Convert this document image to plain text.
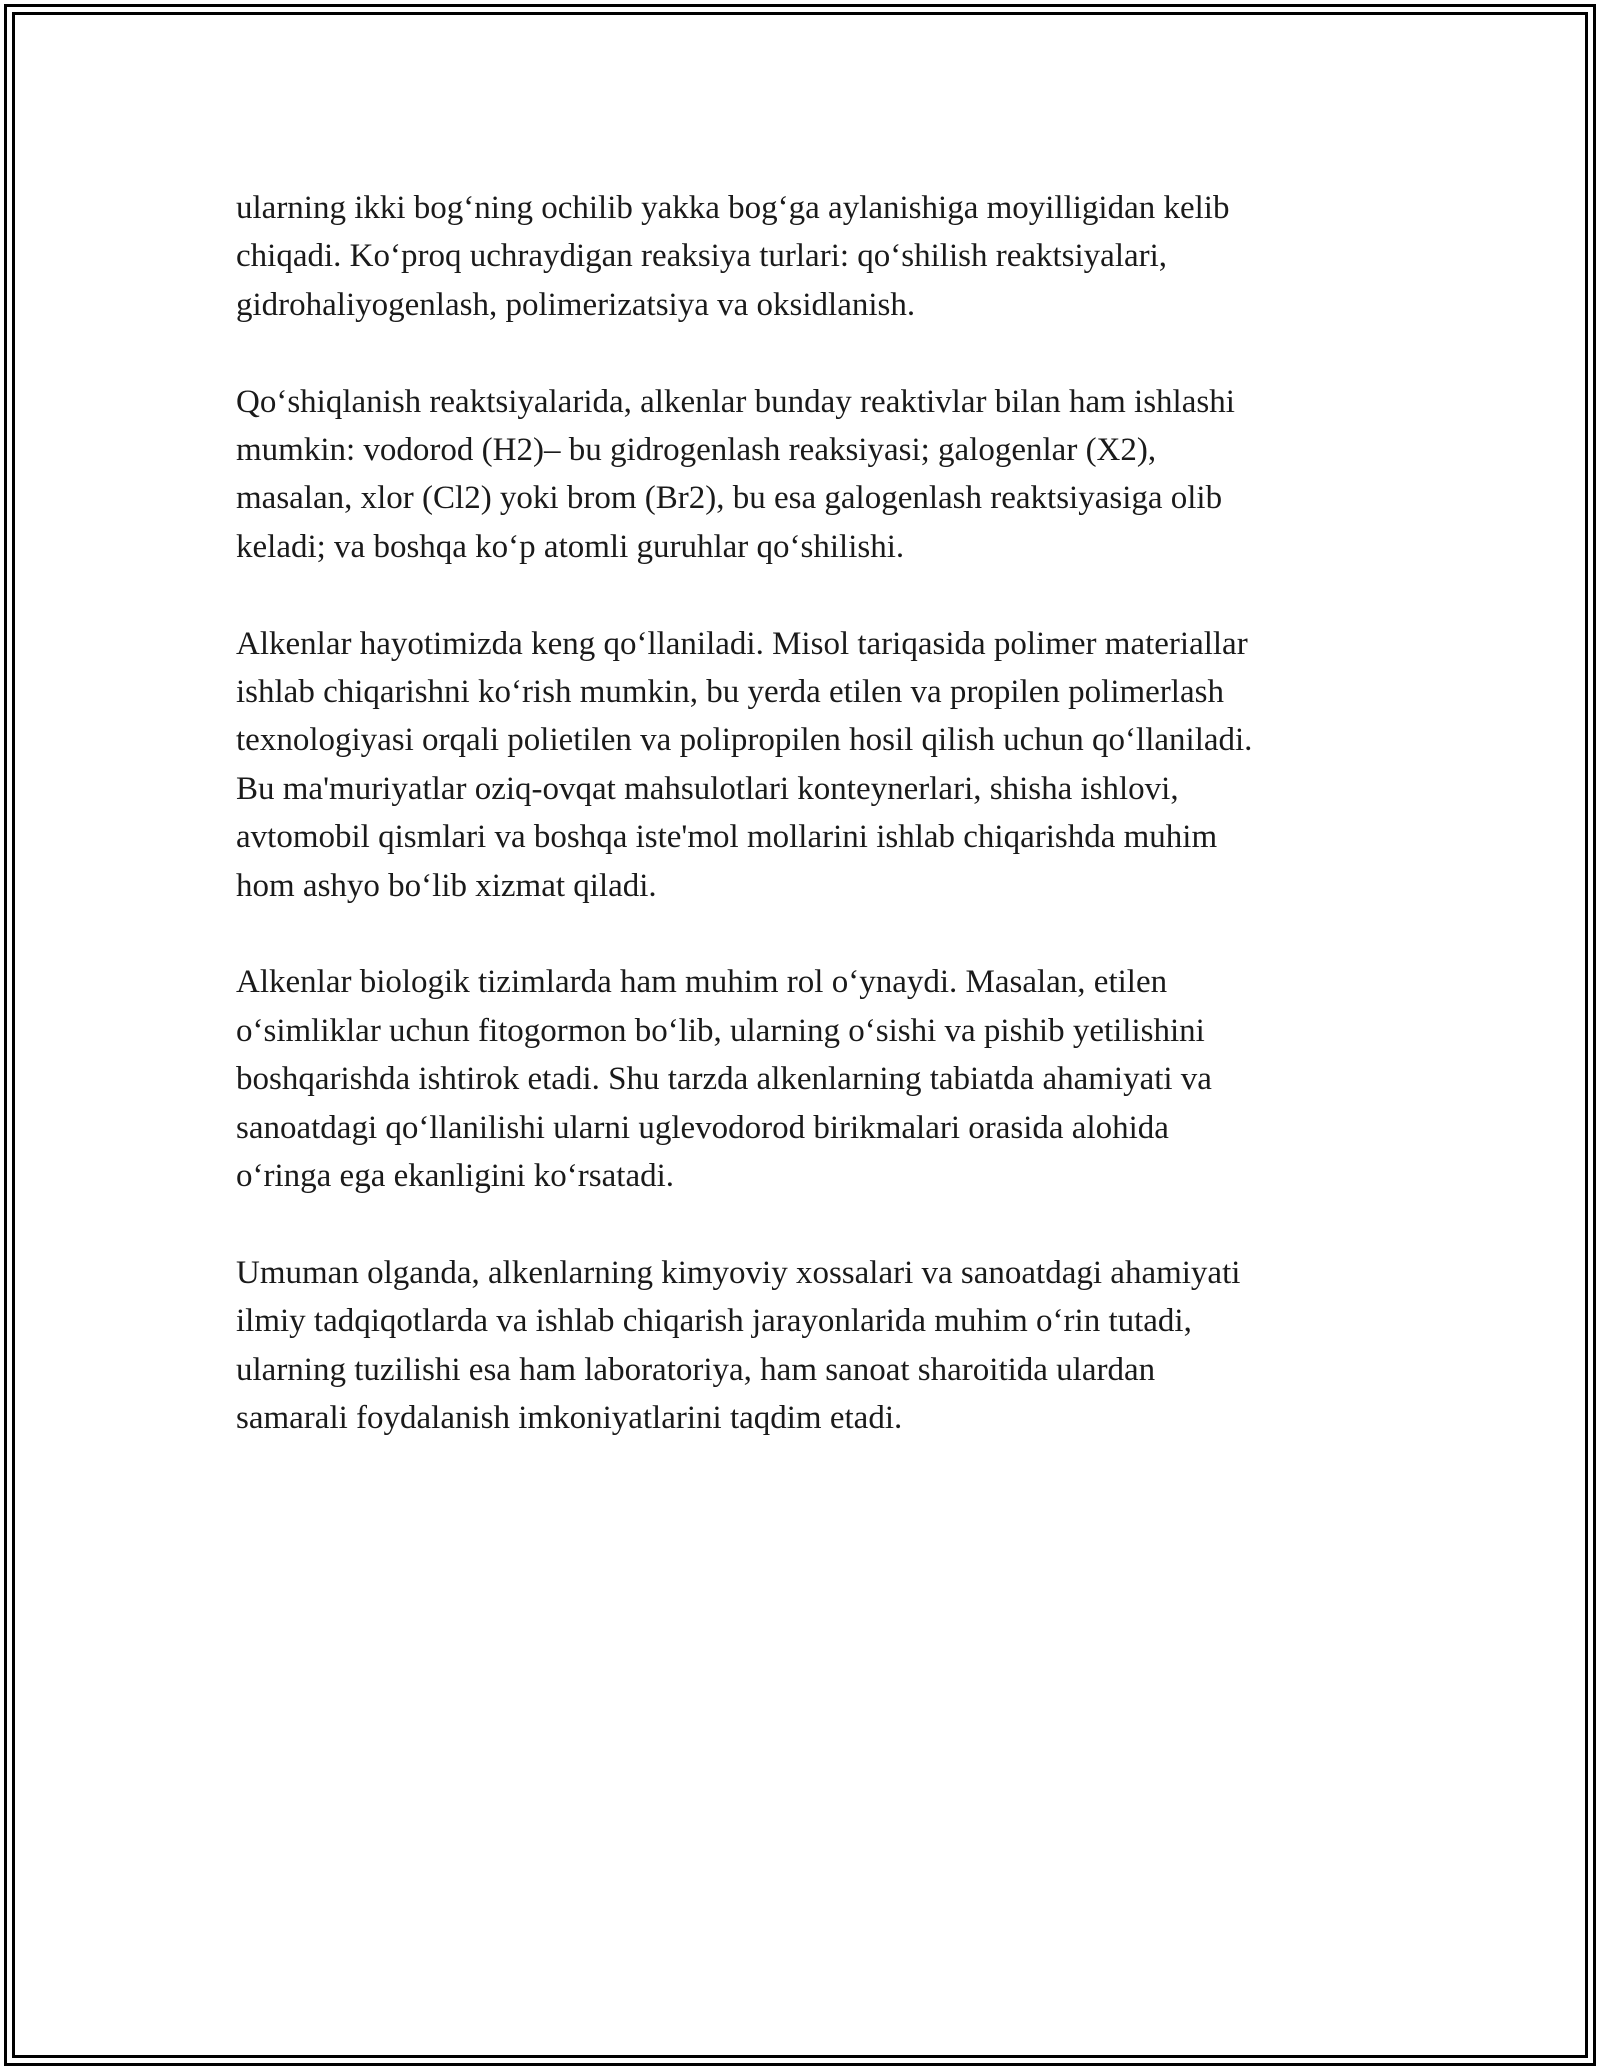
ularning ikki bog‘ning ochilib yakka bog‘ga aylanishiga moyilligidan kelib
chiqadi. Ko‘proq uchraydigan reaksiya turlari: qo‘shilish reaktsiyalari,
gidrohaliyogenlash, polimerizatsiya va oksidlanish.

Qo‘shiqlanish reaktsiyalarida, alkenlar bunday reaktivlar bilan ham ishlashi
mumkin: vodorod (H2)– bu gidrogenlash reaksiyasi; galogenlar (X2),
masalan, xlor (Cl2) yoki brom (Br2), bu esa galogenlash reaktsiyasiga olib
keladi; va boshqa ko‘p atomli guruhlar qo‘shilishi.

Alkenlar hayotimizda keng qo‘llaniladi. Misol tariqasida polimer materiallar
ishlab chiqarishni ko‘rish mumkin, bu yerda etilen va propilen polimerlash
texnologiyasi orqali polietilen va polipropilen hosil qilish uchun qo‘llaniladi.
Bu ma'muriyatlar oziq-ovqat mahsulotlari konteynerlari, shisha ishlovi,
avtomobil qismlari va boshqa iste'mol mollarini ishlab chiqarishda muhim
hom ashyo bo‘lib xizmat qiladi.

Alkenlar biologik tizimlarda ham muhim rol o‘ynaydi. Masalan, etilen
o‘simliklar uchun fitogormon bo‘lib, ularning o‘sishi va pishib yetilishini
boshqarishda ishtirok etadi. Shu tarzda alkenlarning tabiatda ahamiyati va
sanoatdagi qo‘llanilishi ularni uglevodorod birikmalari orasida alohida
o‘ringa ega ekanligini ko‘rsatadi.

Umuman olganda, alkenlarning kimyoviy xossalari va sanoatdagi ahamiyati
ilmiy tadqiqotlarda va ishlab chiqarish jarayonlarida muhim o‘rin tutadi,
ularning tuzilishi esa ham laboratoriya, ham sanoat sharoitida ulardan
samarali foydalanish imkoniyatlarini taqdim etadi.
